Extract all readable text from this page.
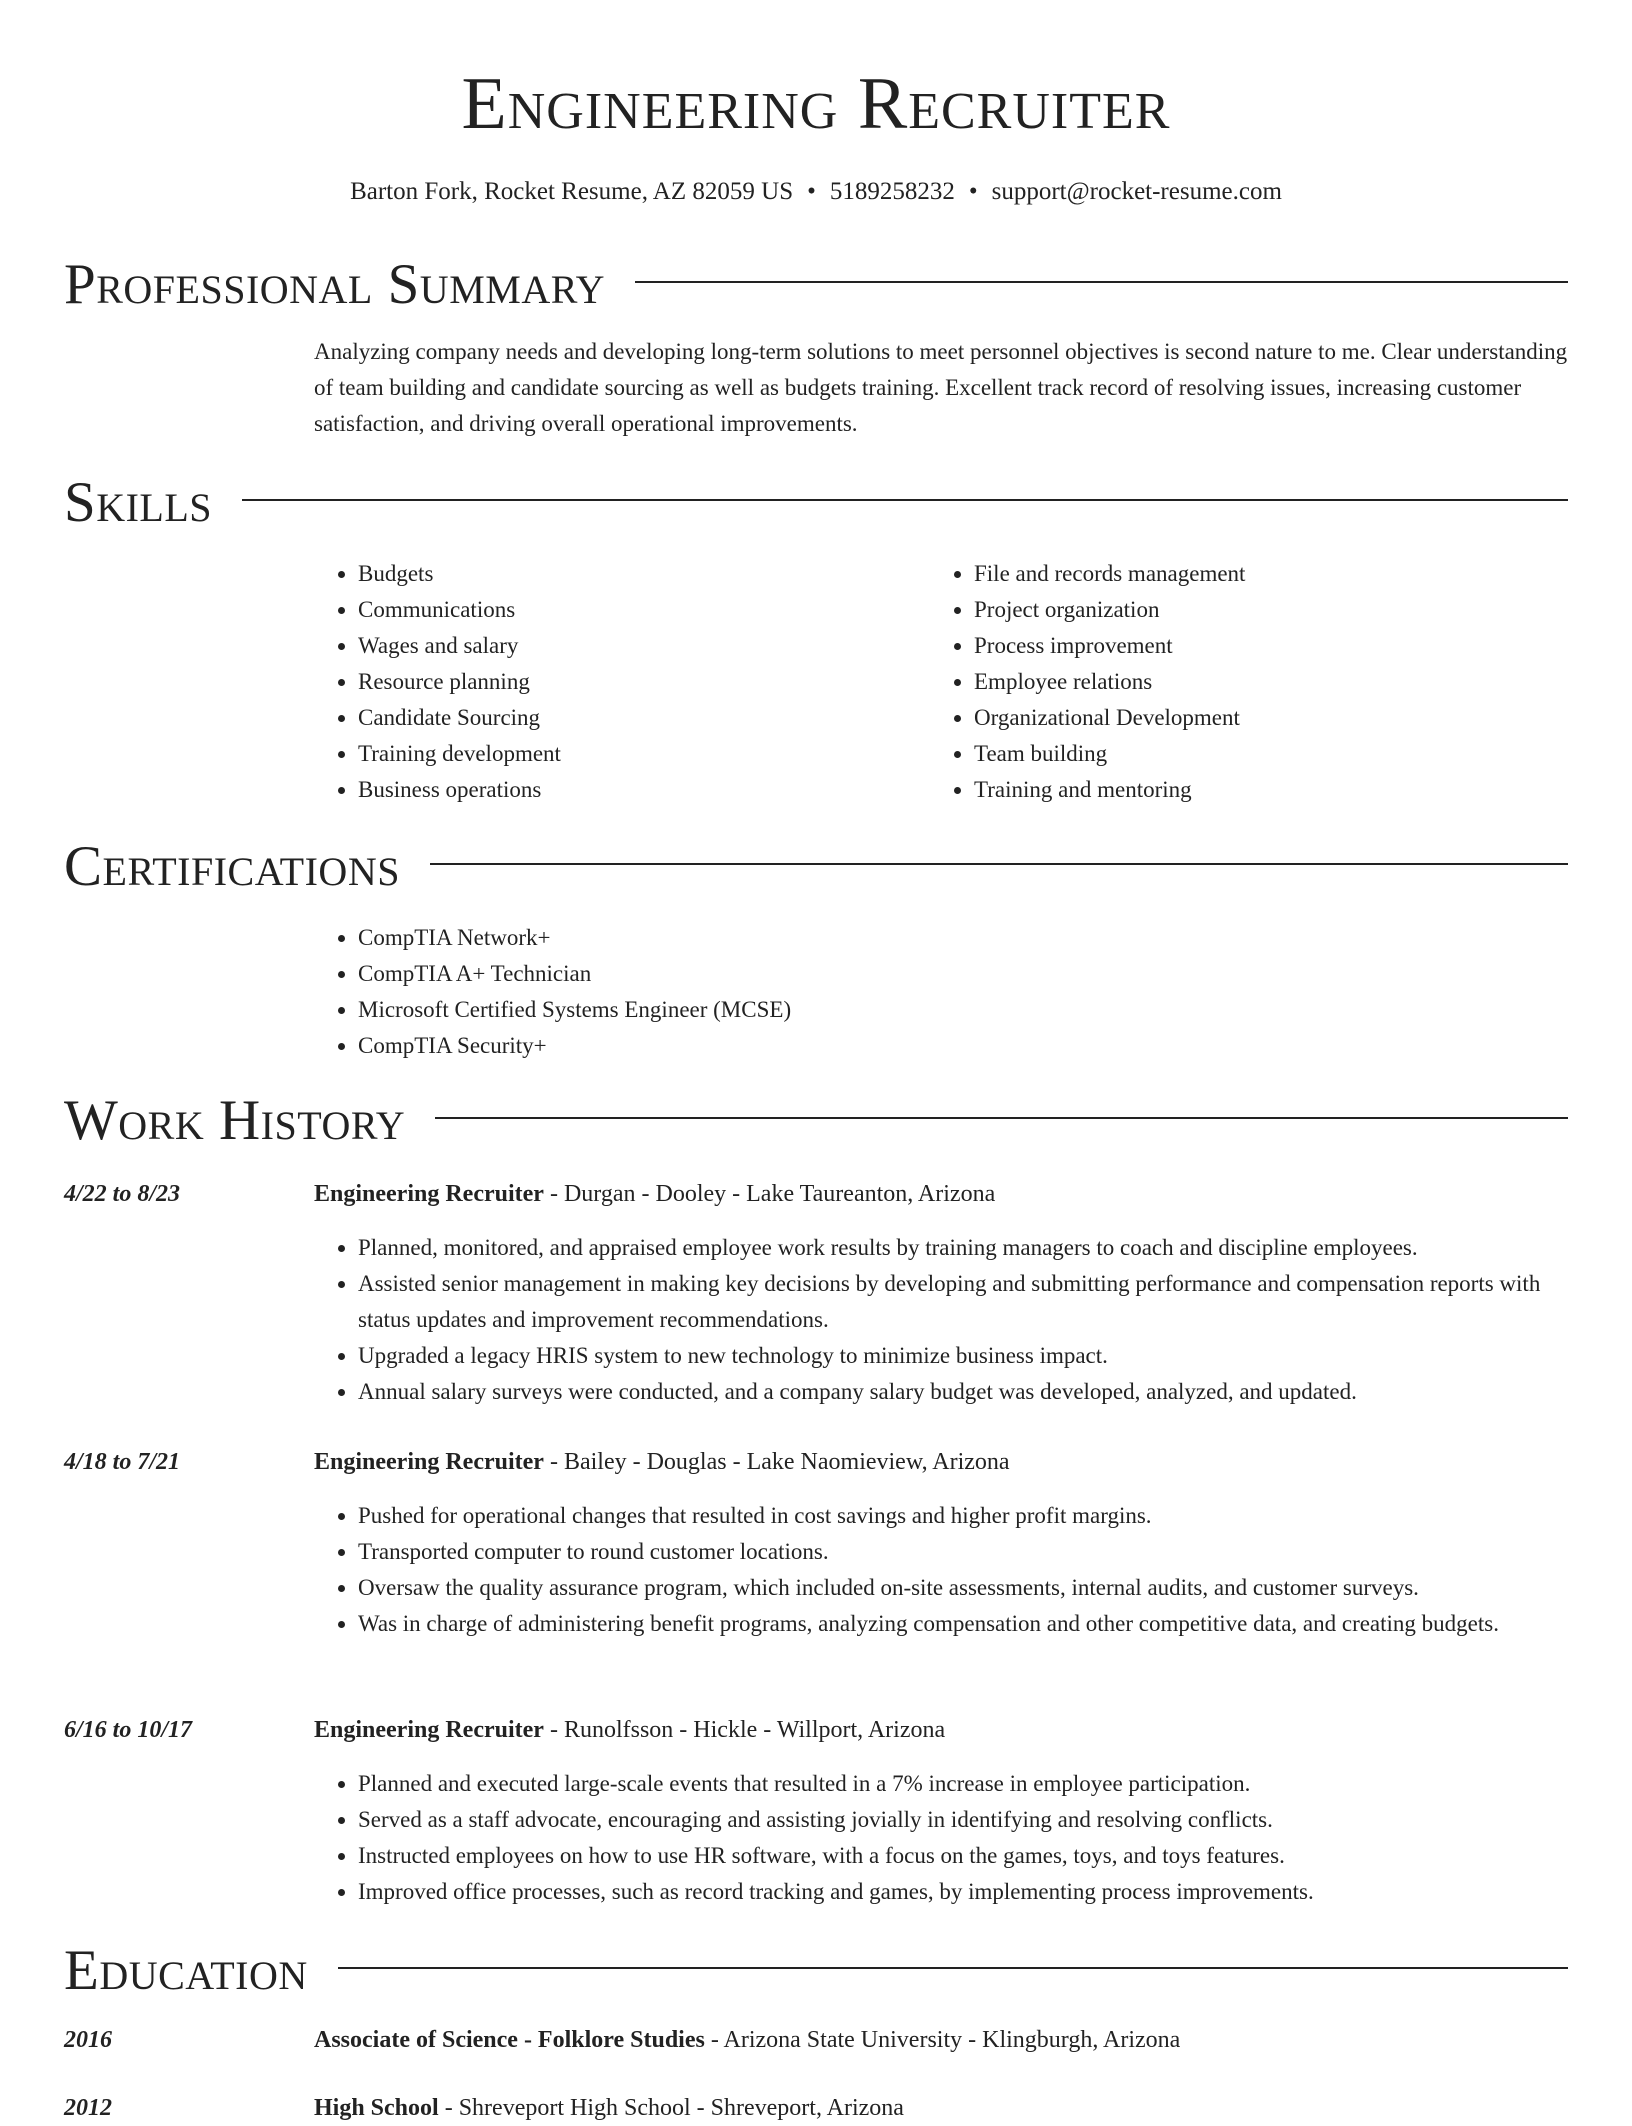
Engineering Recruiter
Barton Fork, Rocket Resume, AZ 82059 US • 5189258232 • support@rocket-resume.com
Professional Summary

Analyzing company needs and developing long-term solutions to meet personnel objectives is second nature to me. Clear understanding of team building and candidate sourcing as well as budgets training. Excellent track record of resolving issues, increasing customer satisfaction, and driving overall operational improvements.

Skills
• Budgets
• Communications
• Wages and salary
• Resource planning
• Candidate Sourcing
• Training development
• Business operations
• File and records management
• Project organization
• Process improvement
• Employee relations
• Organizational Development
• Team building
• Training and mentoring
Certifications
• CompTIA Network+
• CompTIA A+ Technician
• Microsoft Certified Systems Engineer (MCSE)
• CompTIA Security+
Work History
4/22 to 8/23	Engineering Recruiter - Durgan - Dooley - Lake Taureanton, Arizona
• Planned, monitored, and appraised employee work results by training managers to coach and discipline employees.
• Assisted senior management in making key decisions by developing and submitting performance and compensation reports with status updates and improvement recommendations.
• Upgraded a legacy HRIS system to new technology to minimize business impact.
• Annual salary surveys were conducted, and a company salary budget was developed, analyzed, and updated.
4/18 to 7/21	Engineering Recruiter - Bailey - Douglas - Lake Naomieview, Arizona
• Pushed for operational changes that resulted in cost savings and higher profit margins.
• Transported computer to round customer locations.
• Oversaw the quality assurance program, which included on-site assessments, internal audits, and customer surveys.
• Was in charge of administering benefit programs, analyzing compensation and other competitive data, and creating budgets.
6/16 to 10/17	Engineering Recruiter - Runolfsson - Hickle - Willport, Arizona
• Planned and executed large-scale events that resulted in a 7% increase in employee participation.
• Served as a staff advocate, encouraging and assisting jovially in identifying and resolving conflicts.
• Instructed employees on how to use HR software, with a focus on the games, toys, and toys features.
• Improved office processes, such as record tracking and games, by implementing process improvements.
Education
2016	Associate of Science - Folklore Studies - Arizona State University - Klingburgh, Arizona
2012	High School - Shreveport High School - Shreveport, Arizona
